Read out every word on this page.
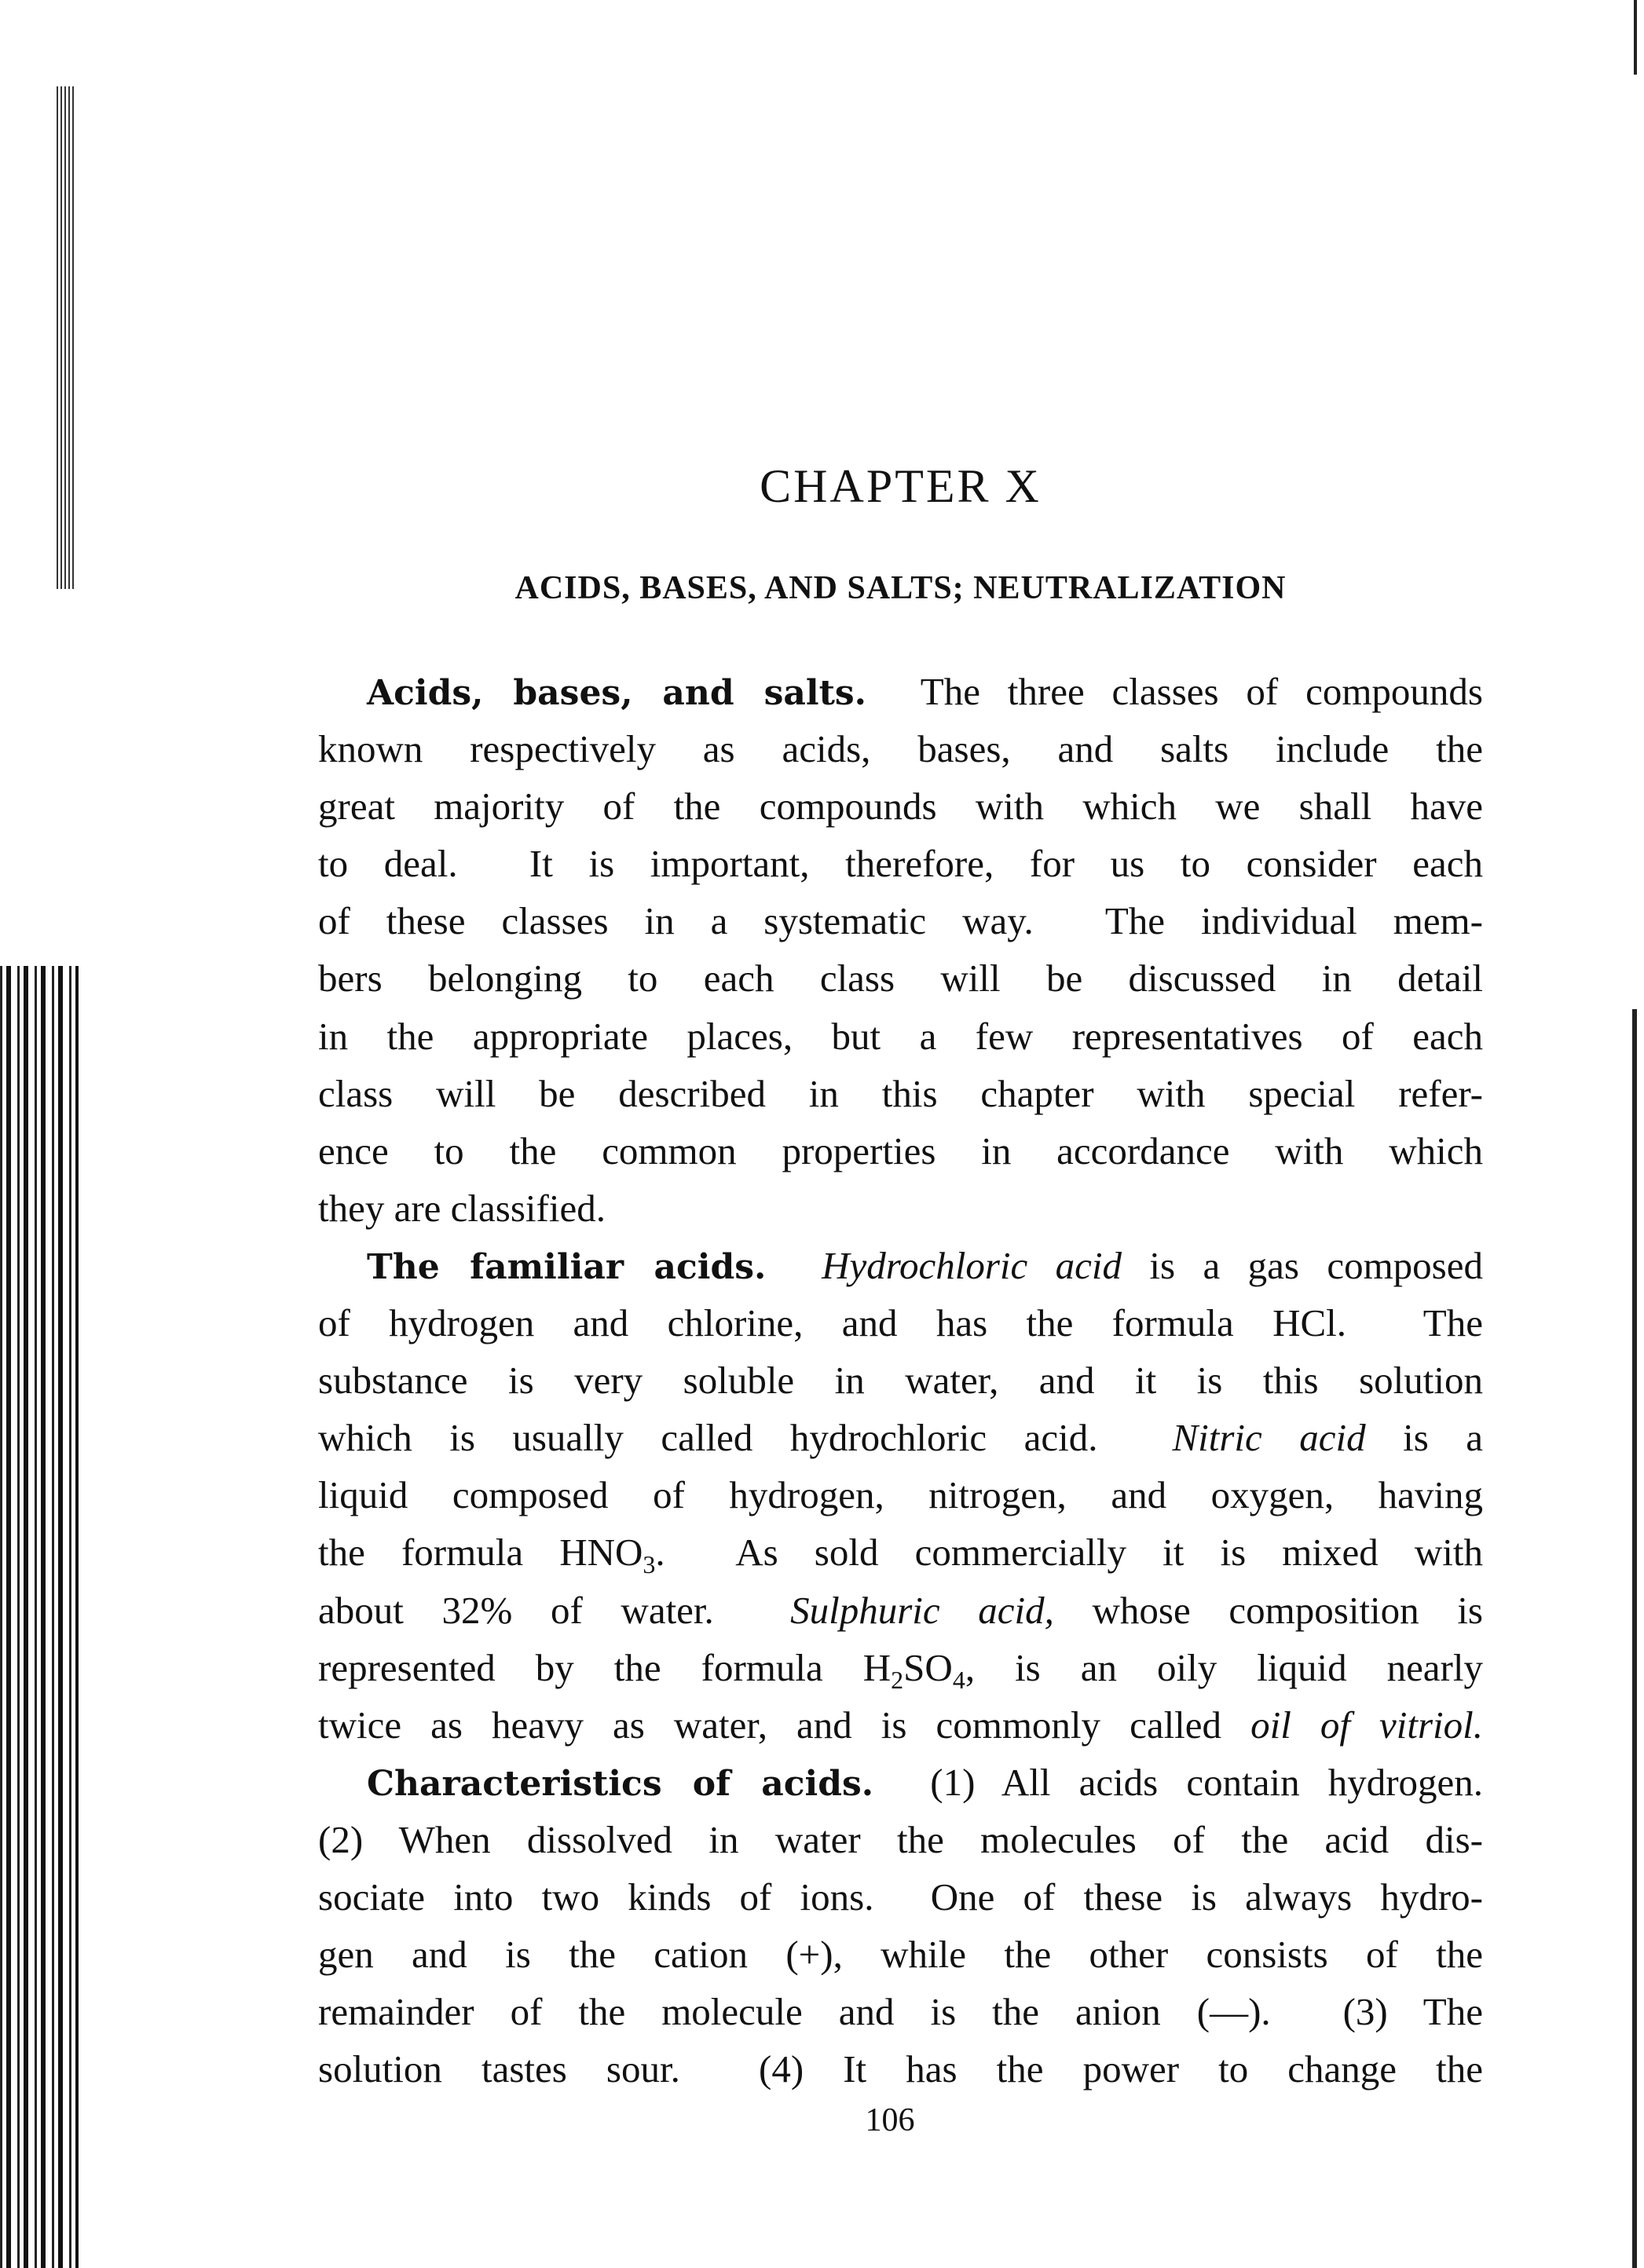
CHAPTER X
ACIDS, BASES, AND SALTS; NEUTRALIZATION
Acids, bases, and salts.  The three classes of compounds
known respectively as acids, bases, and salts include the
great majority of the compounds with which we shall have
to deal.  It is important, therefore, for us to consider each
of these classes in a systematic way.  The individual mem-
bers belonging to each class will be discussed in detail
in the appropriate places, but a few representatives of each
class will be described in this chapter with special refer-
ence to the common properties in accordance with which
they are classified.
The familiar acids. Hydrochloric acid is a gas composed
of hydrogen and chlorine, and has the formula HCl.  The
substance is very soluble in water, and it is this solution
which is usually called hydrochloric acid.  Nitric acid is a
liquid composed of hydrogen, nitrogen, and oxygen, having
the formula $HNO_3$.  As sold commercially it is mixed with
about 32% of water.  Sulphuric acid, whose composition is
represented by the formula $H_2SO_4$, is an oily liquid nearly
twice as heavy as water, and is commonly called oil of vitriol.
Characteristics of acids.  (1) All acids contain hydrogen.
(2) When dissolved in water the molecules of the acid dis-
sociate into two kinds of ions.  One of these is always hydro-
gen and is the cation (+), while the other consists of the
remainder of the molecule and is the anion (—).  (3) The
solution tastes sour.  (4) It has the power to change the
106
